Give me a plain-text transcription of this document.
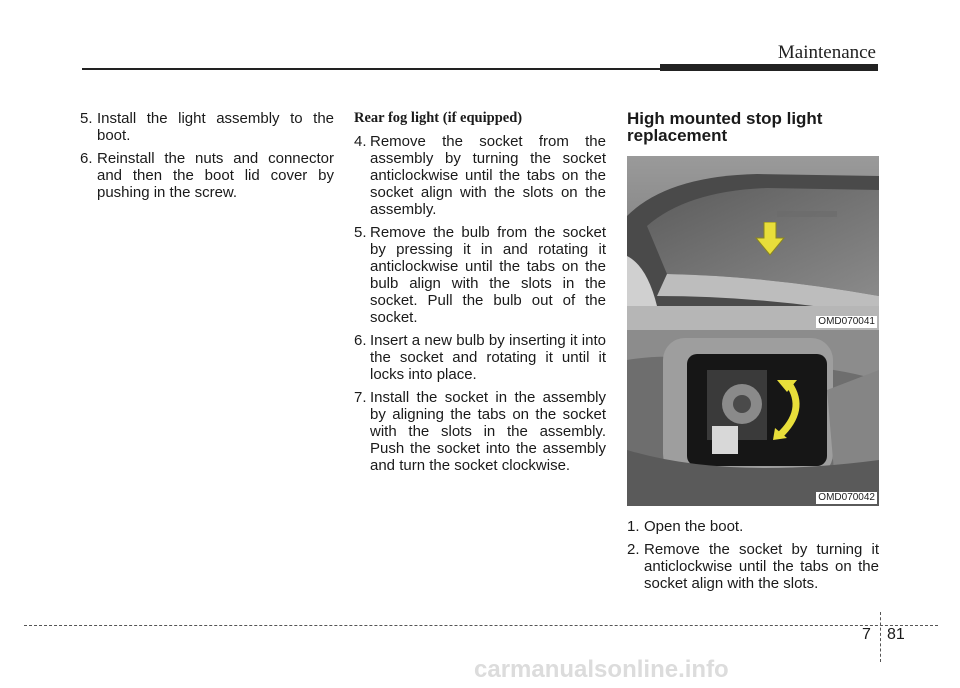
Maintenance
5. Install the light assembly to the boot.
6. Reinstall the nuts and connector and then the boot lid cover by pushing in the screw.
Rear fog light (if equipped)
4. Remove the socket from the assembly by turning the socket anticlockwise until the tabs on the socket align with the slots on the assembly.
5. Remove the bulb from the socket by pressing it in and rotating it anticlockwise until the tabs on the bulb align with the slots in the socket. Pull the bulb out of the socket.
6. Insert a new bulb by inserting it into the socket and rotating it until it locks into place.
7. Install the socket in the assembly by aligning the tabs on the socket with the slots in the assembly. Push the socket into the assembly and turn the socket clockwise.
High mounted stop light replacement
OMD070041
OMD070042
1. Open the boot.
2. Remove the socket by turning it anticlockwise until the tabs on the socket align with the slots.
7 81
carmanualsonline.info
